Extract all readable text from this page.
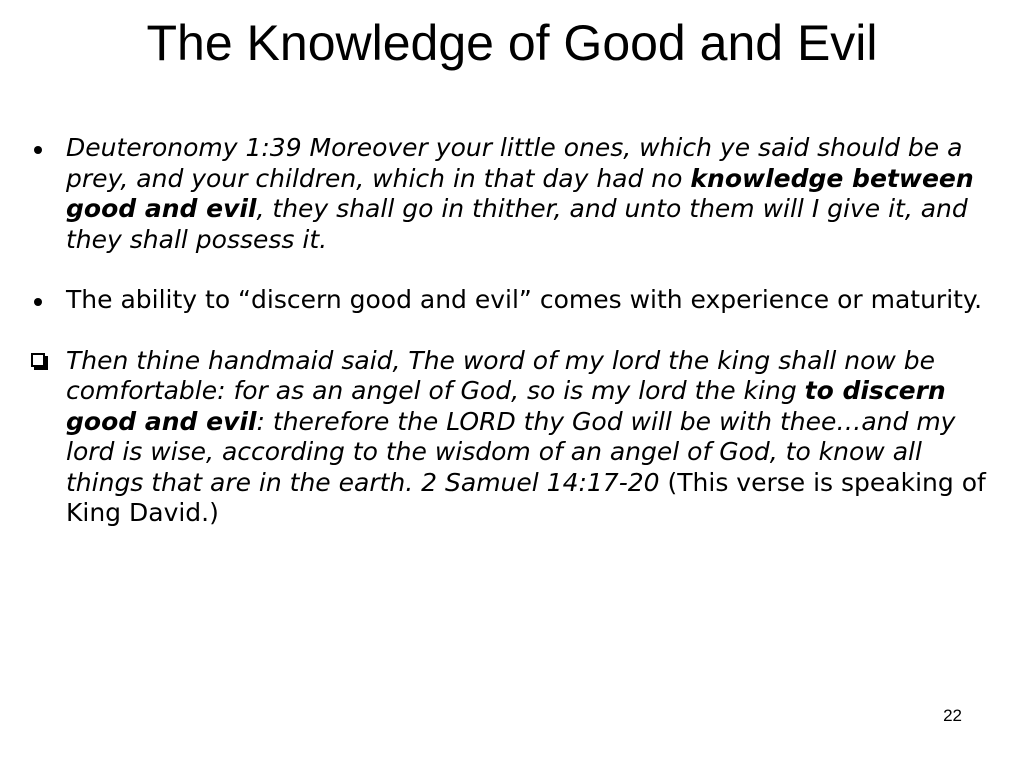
The Knowledge of Good and Evil

Deuteronomy 1:39 Moreover your little ones, which ye said should be a prey, and your children, which in that day had no knowledge between good and evil, they shall go in thither, and unto them will I give it, and they shall possess it.

The ability to “discern good and evil” comes with experience or maturity.

Then thine handmaid said, The word of my lord the king shall now be comfortable: for as an angel of God, so is my lord the king to discern good and evil: therefore the LORD thy God will be with thee…and my lord is wise, according to the wisdom of an angel of God, to know all things that are in the earth. 2 Samuel 14:17-20 (This verse is speaking of King David.)

22
